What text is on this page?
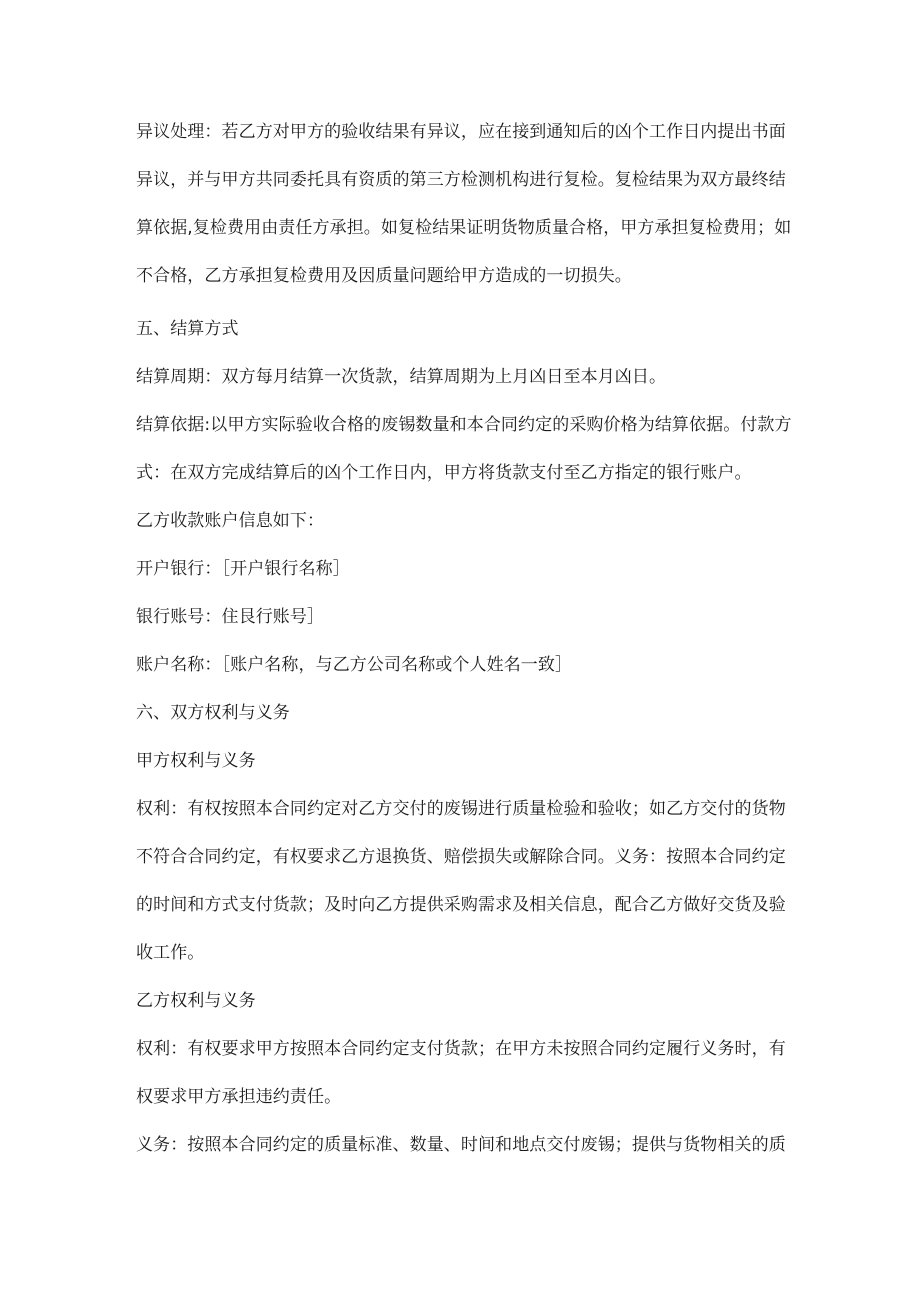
异议处理：若乙方对甲方的验收结果有异议，应在接到通知后的凶个工作日内提出书面
异议，并与甲方共同委托具有资质的第三方检测机构进行复检。复检结果为双方最终结
算依据,复检费用由责任方承担。如复检结果证明货物质量合格，甲方承担复检费用；如
不合格，乙方承担复检费用及因质量问题给甲方造成的一切损失。
五、结算方式
结算周期：双方每月结算一次货款，结算周期为上月凶日至本月凶日。
结算依据:以甲方实际验收合格的废锡数量和本合同约定的采购价格为结算依据。付款方
式：在双方完成结算后的凶个工作日内，甲方将货款支付至乙方指定的银行账户。
乙方收款账户信息如下：
开户银行：［开户银行名称］
银行账号：住艮行账号］
账户名称：［账户名称，与乙方公司名称或个人姓名一致］
六、双方权利与义务
甲方权利与义务
权利：有权按照本合同约定对乙方交付的废锡进行质量检验和验收；如乙方交付的货物
不符合合同约定，有权要求乙方退换货、赔偿损失或解除合同。义务：按照本合同约定
的时间和方式支付货款；及时向乙方提供采购需求及相关信息，配合乙方做好交货及验
收工作。
乙方权利与义务
权利：有权要求甲方按照本合同约定支付货款；在甲方未按照合同约定履行义务时，有
权要求甲方承担违约责任。
义务：按照本合同约定的质量标准、数量、时间和地点交付废锡；提供与货物相关的质
